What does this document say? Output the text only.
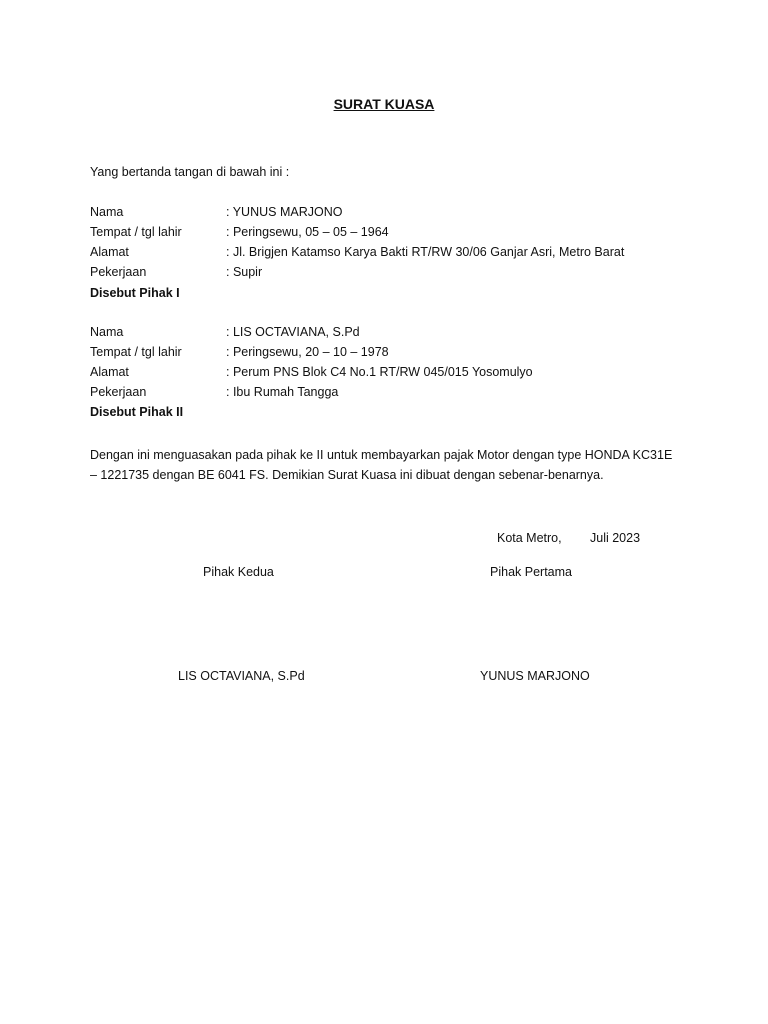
SURAT KUASA
Yang bertanda tangan di bawah ini :
Nama	: YUNUS MARJONO
Tempat / tgl lahir	: Peringsewu, 05 – 05 – 1964
Alamat	: Jl. Brigjen Katamso Karya Bakti RT/RW 30/06 Ganjar Asri, Metro Barat
Pekerjaan	: Supir
Disebut Pihak I
Nama	: LIS OCTAVIANA, S.Pd
Tempat / tgl lahir	: Peringsewu, 20 – 10 – 1978
Alamat	: Perum PNS Blok C4 No.1 RT/RW 045/015 Yosomulyo
Pekerjaan	: Ibu Rumah Tangga
Disebut Pihak II

Dengan ini menguasakan pada pihak ke II untuk membayarkan pajak Motor dengan type HONDA KC31E

– 1221735 dengan BE 6041 FS. Demikian Surat Kuasa ini dibuat dengan sebenar-benarnya.

Kota Metro, Juli 2023
Pihak Kedua	Pihak Pertama
LIS OCTAVIANA, S.Pd	YUNUS MARJONO
